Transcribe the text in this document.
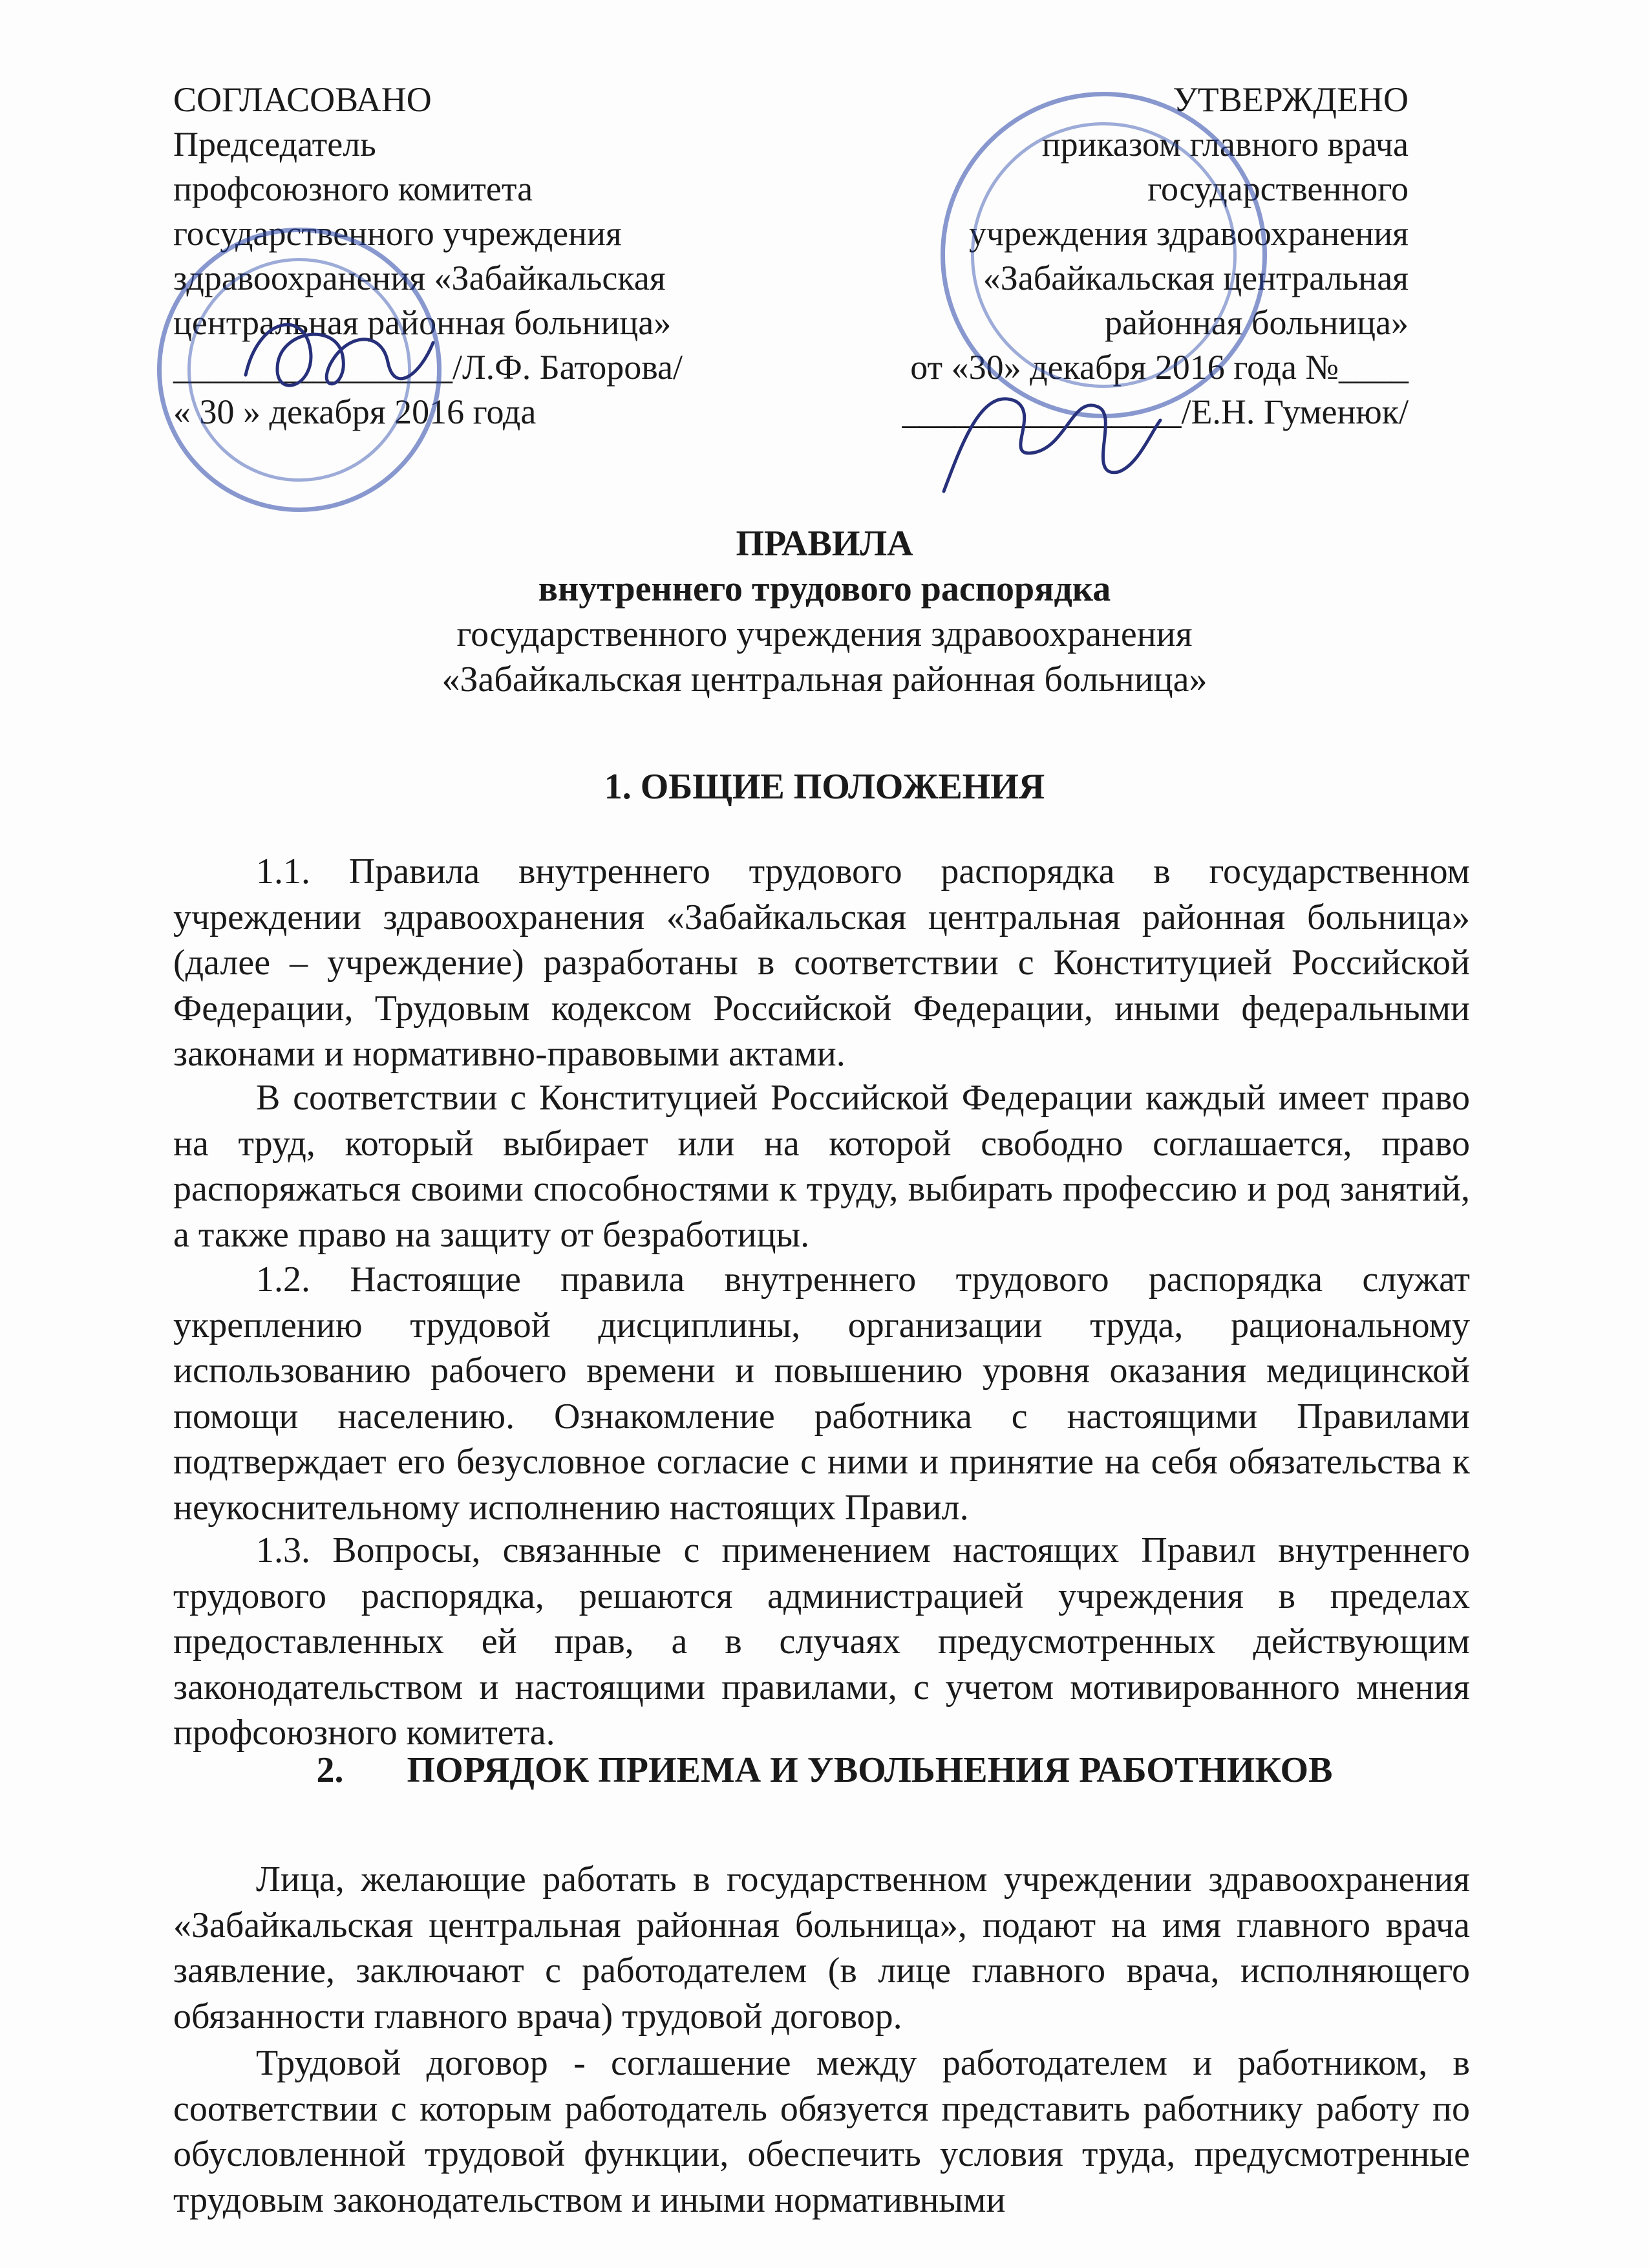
СОГЛАСОВАНО
Председатель
профсоюзного комитета
государственного учреждения
здравоохранения «Забайкальская
центральная районная больница»
________________/Л.Ф. Баторова/
« 30 » декабря 2016 года
УТВЕРЖДЕНО
приказом главного врача
государственного
учреждения здравоохранения
«Забайкальская центральная
районная больница»
от «30» декабря 2016 года №____
________________/Е.Н. Гуменюк/
ПРАВИЛА
внутреннего трудового распорядка
государственного учреждения здравоохранения
«Забайкальская центральная районная больница»
1. ОБЩИЕ ПОЛОЖЕНИЯ

1.1. Правила внутреннего трудового распорядка в государственном учреждении здравоохранения «Забайкальская центральная районная больница» (далее – учреждение) разработаны в соответствии с Конституцией Российской Федерации, Трудовым кодексом Российской Федерации, иными федеральными законами и нормативно-правовыми актами.

В соответствии с Конституцией Российской Федерации каждый имеет право на труд, который выбирает или на которой свободно соглашается, право распоряжаться своими способностями к труду, выбирать профессию и род занятий, а также право на защиту от безработицы.

1.2. Настоящие правила внутреннего трудового распорядка служат укреплению трудовой дисциплины, организации труда, рациональному использованию рабочего времени и повышению уровня оказания медицинской помощи населению. Ознакомление работника с настоящими Правилами подтверждает его безусловное согласие с ними и принятие на себя обязательства к неукоснительному исполнению настоящих Правил.

1.3. Вопросы, связанные с применением настоящих Правил внутреннего трудового распорядка, решаются администрацией учреждения в пределах предоставленных ей прав, а в случаях предусмотренных действующим законодательством и настоящими правилами, с учетом мотивированного мнения профсоюзного комитета.

2.       ПОРЯДОК ПРИЕМА И УВОЛЬНЕНИЯ РАБОТНИКОВ

Лица, желающие работать в государственном учреждении здравоохранения «Забайкальская центральная районная больница», подают на имя главного врача заявление, заключают с работодателем (в лице главного врача, исполняющего обязанности главного врача) трудовой договор.

Трудовой договор - соглашение между работодателем и работником, в соответствии с которым работодатель обязуется представить работнику работу по обусловленной трудовой функции, обеспечить условия труда, предусмотренные трудовым законодательством и иными нормативными
